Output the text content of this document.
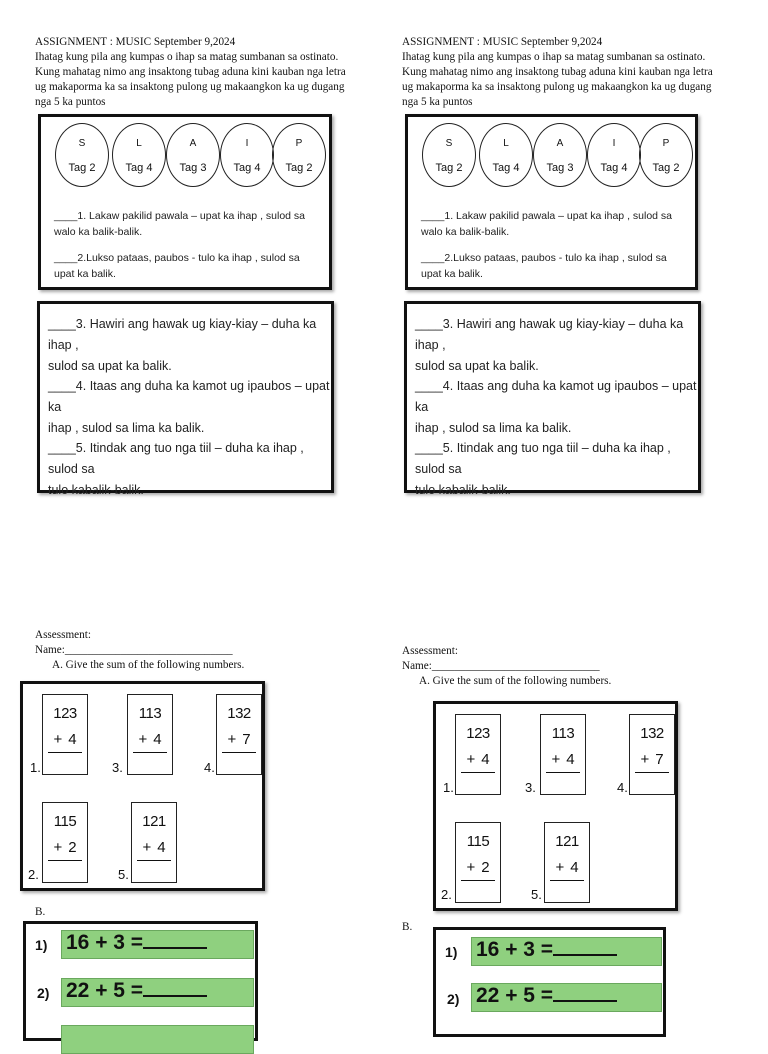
ASSIGNMENT : MUSIC September 9,2024
Ihatag kung pila ang kumpas o ihap sa matag sumbanan sa ostinato.
Kung mahatag nimo ang insaktong tubag aduna kini kauban nga letra
ug makaporma ka sa insaktong pulong ug makaangkon ka ug dugang
nga 5 ka puntos
S
Tag 2
L
Tag 4
A
Tag 3
I
Tag 4
P
Tag 2
____1. Lakaw pakilid pawala – upat ka ihap , sulod sa
walo ka balik-balik.
____2.Lukso pataas, paubos - tulo ka ihap , sulod sa
upat ka balik.
____3. Hawiri ang hawak ug kiay-kiay – duha ka ihap ,
sulod sa upat ka balik.
____4. Itaas ang duha ka kamot ug ipaubos – upat ka
ihap , sulod sa lima ka balik.
____5. Itindak ang tuo nga tiil – duha ka ihap , sulod sa
tulo kabalik-balik.
ASSIGNMENT : MUSIC September 9,2024
Ihatag kung pila ang kumpas o ihap sa matag sumbanan sa ostinato.
Kung mahatag nimo ang insaktong tubag aduna kini kauban nga letra
ug makaporma ka sa insaktong pulong ug makaangkon ka ug dugang
nga 5 ka puntos
S
Tag 2
L
Tag 4
A
Tag 3
I
Tag 4
P
Tag 2
____1. Lakaw pakilid pawala – upat ka ihap , sulod sa
walo ka balik-balik.
____2.Lukso pataas, paubos - tulo ka ihap , sulod sa
upat ka balik.
____3. Hawiri ang hawak ug kiay-kiay – duha ka ihap ,
sulod sa upat ka balik.
____4. Itaas ang duha ka kamot ug ipaubos – upat ka
ihap , sulod sa lima ka balik.
____5. Itindak ang tuo nga tiil – duha ka ihap , sulod sa
tulo kabalik-balik.
Assessment:
Name:______________________________
A. Give the sum of the following numbers.
123
+ 4
1.
113
+ 4
3.
132
+ 7
4.
115
+ 2
2.
121
+ 4
5.
B.
1) 16 + 3 =
2) 22 + 5 =
Assessment:
Name:______________________________
A. Give the sum of the following numbers.
123
+ 4
1.
113
+ 4
3.
132
+ 7
4.
115
+ 2
2.
121
+ 4
5.
B.
1) 16 + 3 =
2) 22 + 5 =
